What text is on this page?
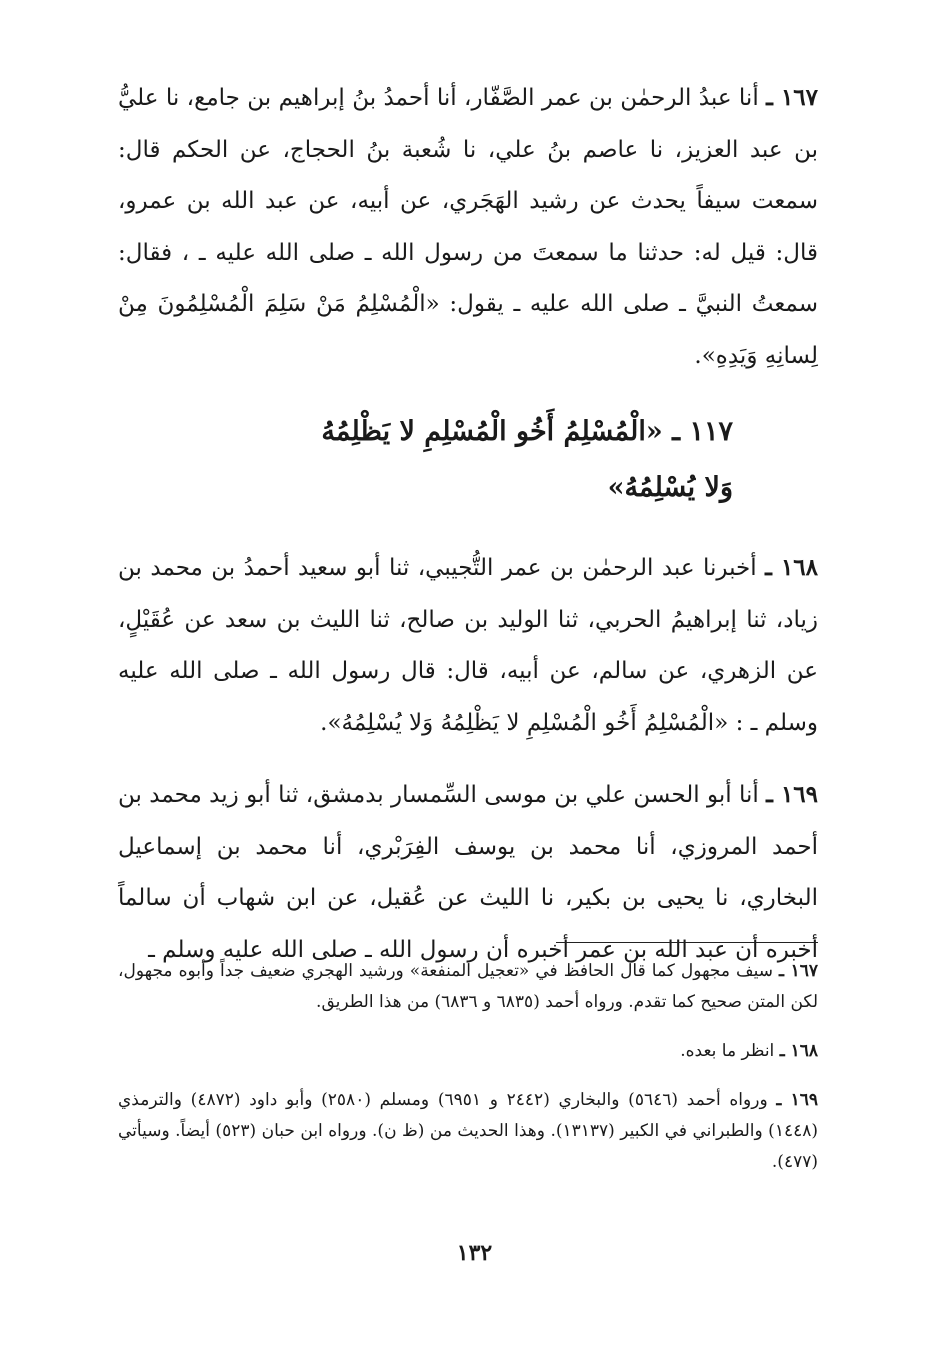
١٦٧ ـ أنا عبدُ الرحمٰن بن عمر الصَّفّار، أنا أحمدُ بنُ إبراهيم بن جامع، نا عليُّ بن عبد العزيز، نا عاصم بنُ علي، نا شُعبة بنُ الحجاج، عن الحكم قال: سمعت سيفاً يحدث عن رشيد الهَجَري، عن أبيه، عن عبد الله بن عمرو، قال: قيل له: حدثنا ما سمعتَ من رسول الله ـ صلى الله عليه ـ ، فقال: سمعتُ النبيَّ ـ صلى الله عليه ـ يقول: «الْمُسْلِمُ مَنْ سَلِمَ الْمُسْلِمُونَ مِنْ لِسانِهِ وَيَدِهِ».

١١٧ ـ «الْمُسْلِمُ أَخُو الْمُسْلِمِ لا يَظْلِمُهُ
وَلا يُسْلِمُهُ»

١٦٨ ـ أخبرنا عبد الرحمٰن بن عمر التُّجيبي، ثنا أبو سعيد أحمدُ بن محمد بن زياد، ثنا إبراهيمُ الحربي، ثنا الوليد بن صالح، ثنا الليث بن سعد عن عُقَيْلٍ، عن الزهري، عن سالم، عن أبيه، قال: قال رسول الله ـ صلى الله عليه وسلم ـ : «الْمُسْلِمُ أَخُو الْمُسْلِمِ لا يَظْلِمُهُ وَلا يُسْلِمُهُ».

١٦٩ ـ أنا أبو الحسن علي بن موسى السِّمسار بدمشق، ثنا أبو زيد محمد بن أحمد المروزي، أنا محمد بن يوسف الفِرَبْري، أنا محمد بن إسماعيل البخاري، نا يحيى بن بكير، نا الليث عن عُقيل، عن ابن شهاب أن سالماً أخبره أن عبد الله بن عمر أخبره أن رسول الله ـ صلى الله عليه وسلم ـ

١٦٧ ـ سيف مجهول كما قال الحافظ في «تعجيل المنفعة» ورشيد الهجري ضعيف جداً وأبوه مجهول، لكن المتن صحيح كما تقدم. ورواه أحمد (٦٨٣٥ و ٦٨٣٦) من هذا الطريق.

١٦٨ ـ انظر ما بعده.

١٦٩ ـ ورواه أحمد (٥٦٤٦) والبخاري (٢٤٤٢ و ٦٩٥١) ومسلم (٢٥٨٠) وأبو داود (٤٨٧٢) والترمذي (١٤٤٨) والطبراني في الكبير (١٣١٣٧). وهذا الحديث من (ظ ن). ورواه ابن حبان (٥٢٣) أيضاً. وسيأتي (٤٧٧).

١٣٢
